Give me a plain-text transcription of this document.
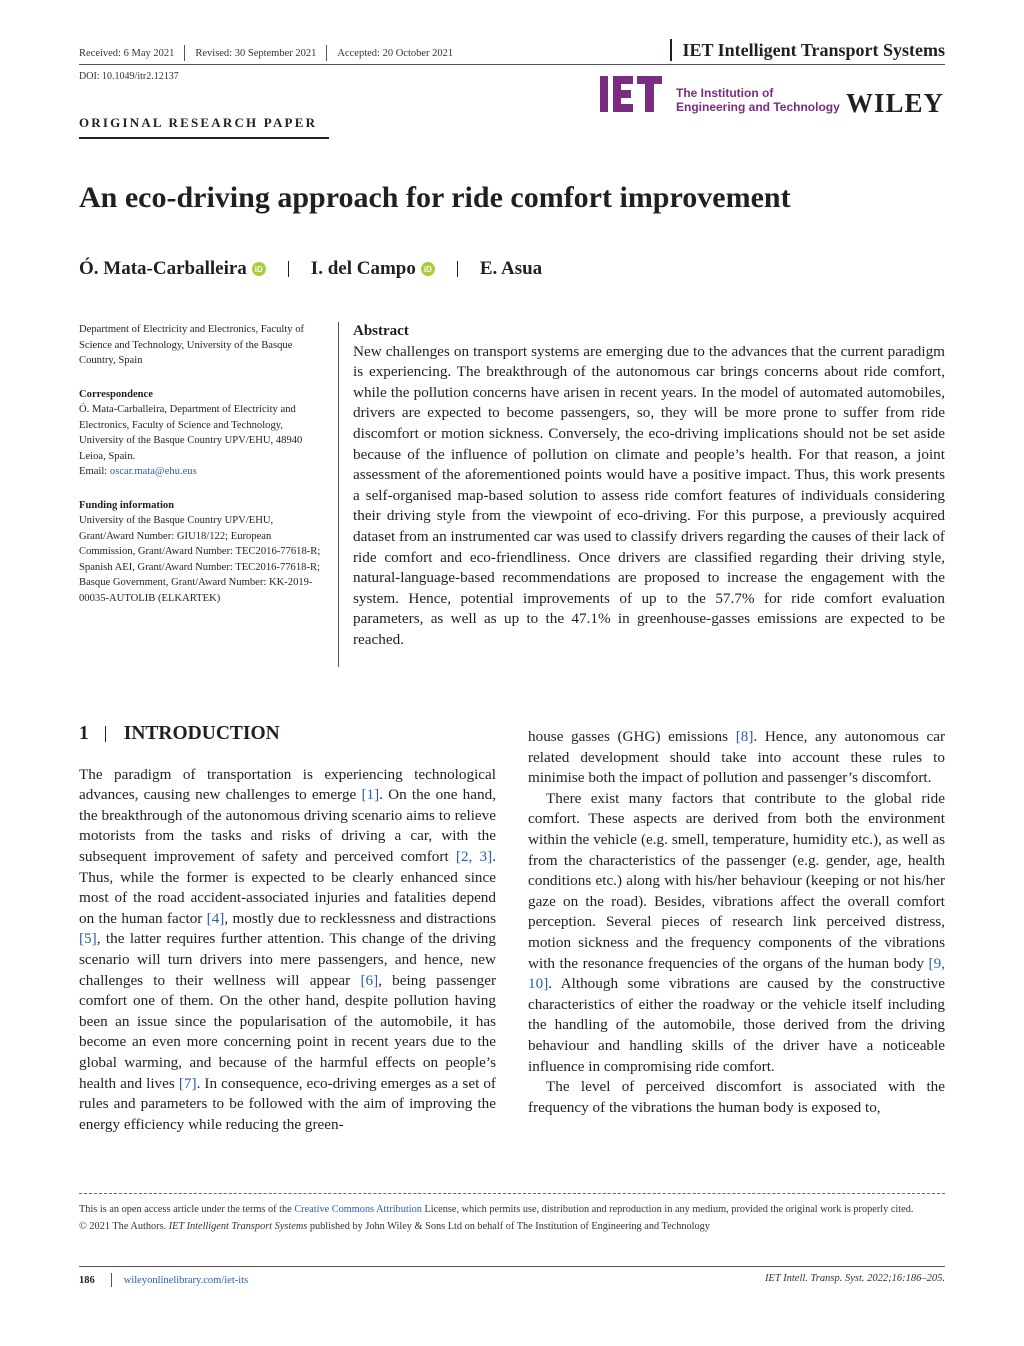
Received: 6 May 2021 Revised: 30 September 2021 Accepted: 20 October 2021	IET Intelligent Transport Systems
DOI: 10.1049/itr2.12137
The Institution of
Engineering and Technology WILEY
ORIGINAL RESEARCH PAPER
An eco-driving approach for ride comfort improvement
Ó. Mata-Carballeira	iD	I. del Campo	iD	E. Asua
Department of Electricity and Electronics, Faculty of Science and Technology, University of the Basque Country, Spain
Correspondence
Ó. Mata-Carballeira, Department of Electricity and Electronics, Faculty of Science and Technology, University of the Basque Country UPV/EHU, 48940 Leioa, Spain.
Email: oscar.mata@ehu.eus
Funding information
University of the Basque Country UPV/EHU, Grant/Award Number: GIU18/122; European Commission, Grant/Award Number: TEC2016-77618-R; Spanish AEI, Grant/Award Number: TEC2016-77618-R; Basque Government, Grant/Award Number: KK-2019-00035-AUTOLIB (ELKARTEK)
Abstract
New challenges on transport systems are emerging due to the advances that the current paradigm is experiencing. The breakthrough of the autonomous car brings concerns about ride comfort, while the pollution concerns have arisen in recent years. In the model of automated automobiles, drivers are expected to become passengers, so, they will be more prone to suffer from ride discomfort or motion sickness. Conversely, the eco-driving implications should not be set aside because of the influence of pollution on climate and people’s health. For that reason, a joint assessment of the aforementioned points would have a positive impact. Thus, this work presents a self-organised map-based solution to assess ride comfort features of individuals considering their driving style from the viewpoint of eco-driving. For this purpose, a previously acquired dataset from an instrumented car was used to classify drivers regarding the causes of their lack of ride comfort and eco-friendliness. Once drivers are classified regarding their driving style, natural-language-based recommendations are proposed to increase the engagement with the system. Hence, potential improvements of up to the 57.7% for ride comfort evaluation parameters, as well as up to the 47.1% in greenhouse-gasses emissions are expected to be reached.
1 INTRODUCTION

The paradigm of transportation is experiencing technological advances, causing new challenges to emerge [1]. On the one hand, the breakthrough of the autonomous driving scenario aims to relieve motorists from the tasks and risks of driving a car, with the subsequent improvement of safety and perceived comfort [2, 3]. Thus, while the former is expected to be clearly enhanced since most of the road accident-associated injuries and fatalities depend on the human factor [4], mostly due to recklessness and distractions [5], the latter requires further attention. This change of the driving scenario will turn drivers into mere passengers, and hence, new challenges to their wellness will appear [6], being passenger comfort one of them. On the other hand, despite pollution having been an issue since the popularisation of the automobile, it has become an even more concerning point in recent years due to the global warming, and because of the harmful effects on people’s health and lives [7]. In consequence, eco-driving emerges as a set of rules and parameters to be followed with the aim of improving the energy efficiency while reducing the green-

house gasses (GHG) emissions [8]. Hence, any autonomous car related development should take into account these rules to minimise both the impact of pollution and passenger’s discomfort.

There exist many factors that contribute to the global ride comfort. These aspects are derived from both the environment within the vehicle (e.g. smell, temperature, humidity etc.), as well as from the characteristics of the passenger (e.g. gender, age, health conditions etc.) along with his/her behaviour (keeping or not his/her gaze on the road). Besides, vibrations affect the overall comfort perception. Several pieces of research link perceived distress, motion sickness and the frequency components of the vibrations with the resonance frequencies of the organs of the human body [9, 10]. Although some vibrations are caused by the constructive characteristics of either the roadway or the vehicle itself including the handling of the automobile, those derived from the driving behaviour and handling skills of the driver have a noticeable influence in compromising ride comfort.

The level of perceived discomfort is associated with the frequency of the vibrations the human body is exposed to,

This is an open access article under the terms of the Creative Commons Attribution License, which permits use, distribution and reproduction in any medium, provided the original work is properly cited.
© 2021 The Authors. IET Intelligent Transport Systems published by John Wiley & Sons Ltd on behalf of The Institution of Engineering and Technology
186	wileyonlinelibrary.com/iet-its	IET Intell. Transp. Syst. 2022;16:186–205.
